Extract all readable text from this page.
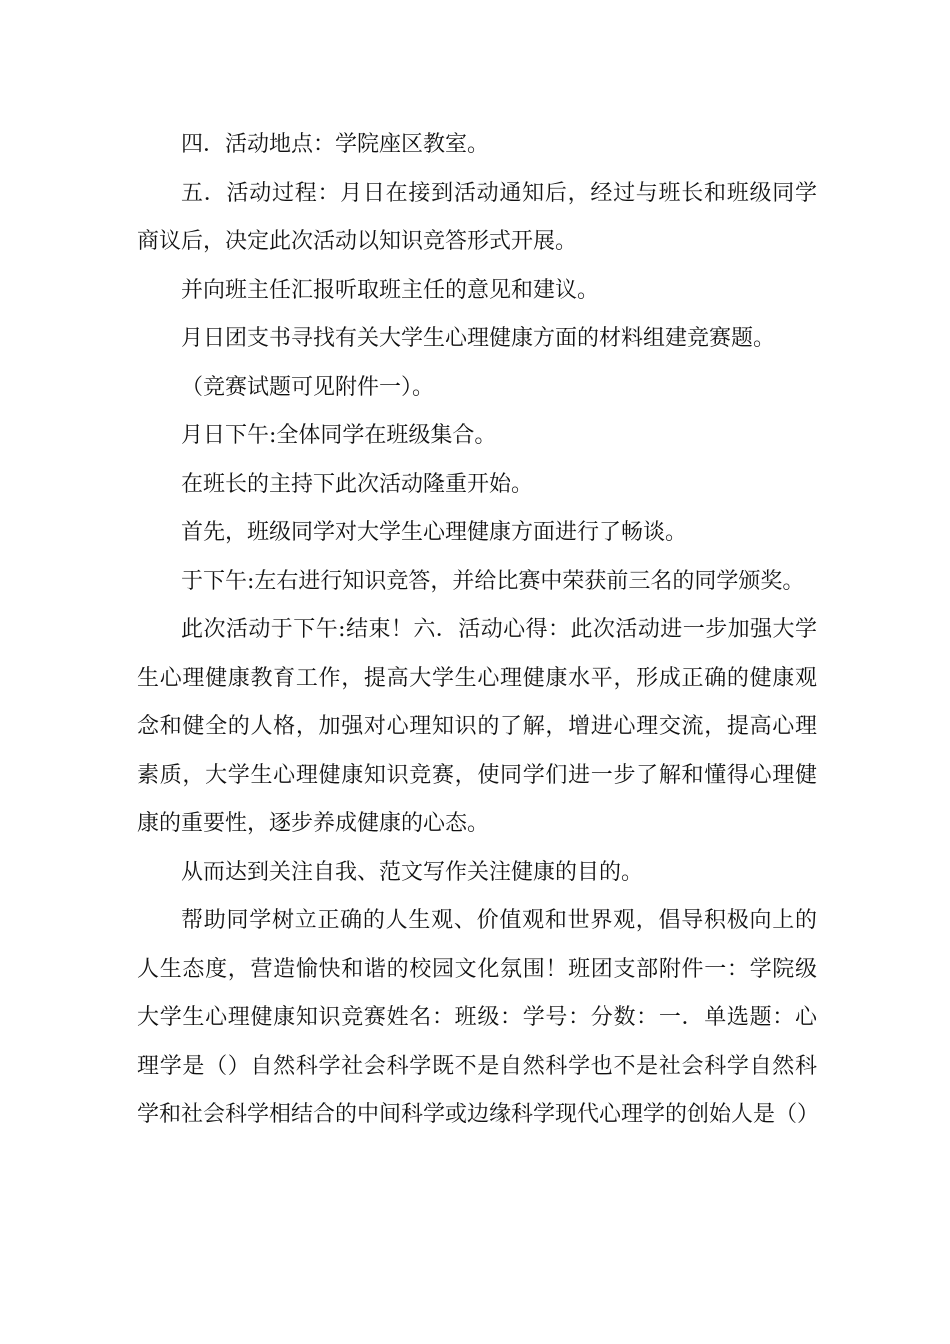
四．活动地点：学院座区教室。

五．活动过程：月日在接到活动通知后，经过与班长和班级同学商议后，决定此次活动以知识竞答形式开展。

并向班主任汇报听取班主任的意见和建议。

月日团支书寻找有关大学生心理健康方面的材料组建竞赛题。

（竞赛试题可见附件一）。

月日下午:全体同学在班级集合。

在班长的主持下此次活动隆重开始。

首先，班级同学对大学生心理健康方面进行了畅谈。

于下午:左右进行知识竞答，并给比赛中荣获前三名的同学颁奖。

此次活动于下午:结束！六．活动心得：此次活动进一步加强大学生心理健康教育工作，提高大学生心理健康水平，形成正确的健康观念和健全的人格，加强对心理知识的了解，增进心理交流，提高心理素质，大学生心理健康知识竞赛，使同学们进一步了解和懂得心理健康的重要性，逐步养成健康的心态。

从而达到关注自我、范文写作关注健康的目的。

帮助同学树立正确的人生观、价值观和世界观，倡导积极向上的人生态度，营造愉快和谐的校园文化氛围！班团支部附件一：学院级大学生心理健康知识竞赛姓名：班级：学号：分数：一．单选题：心理学是（）自然科学社会科学既不是自然科学也不是社会科学自然科学和社会科学相结合的中间科学或边缘科学现代心理学的创始人是（）
